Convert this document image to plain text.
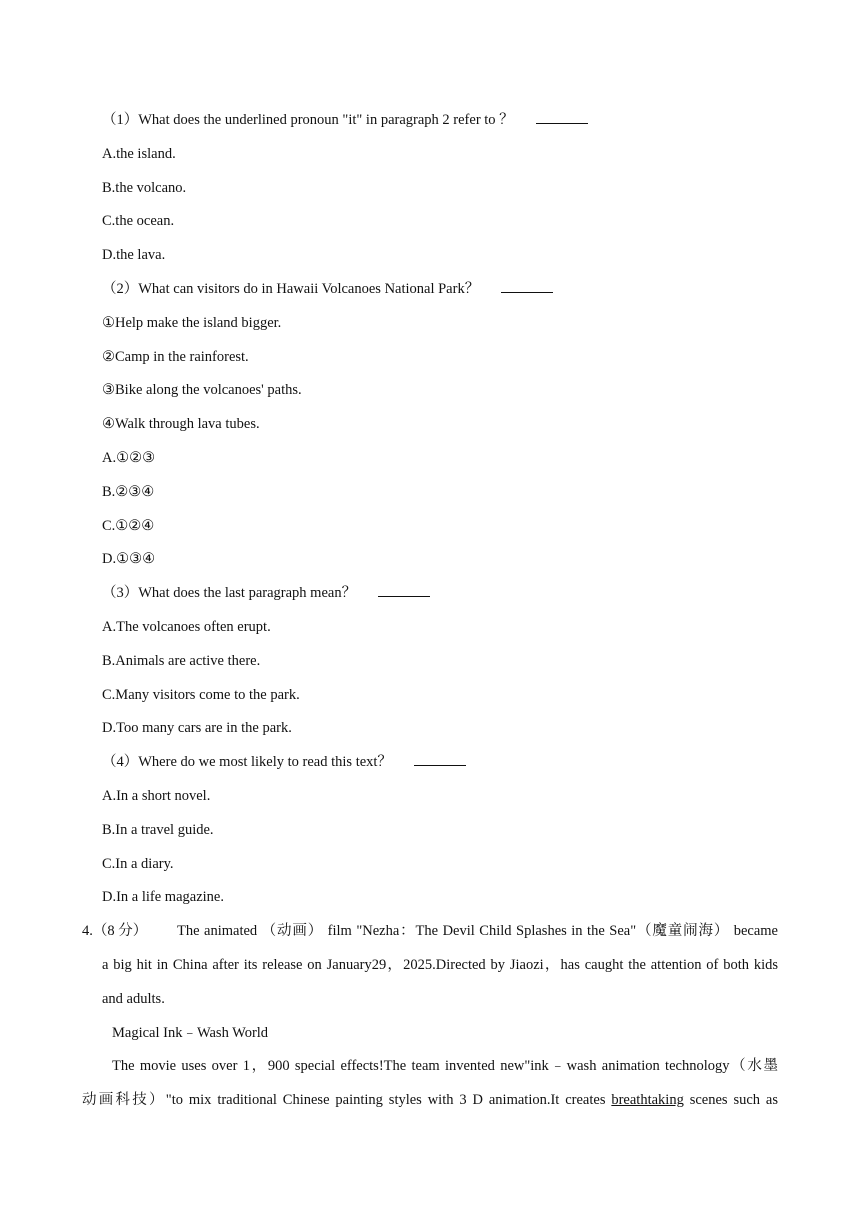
（1）What does the underlined pronoun "it" in paragraph 2 refer to ？
A.the island.
B.the volcano.
C.the ocean.
D.the lava.
（2）What can visitors do in Hawaii Volcanoes National Park？
①Help make the island bigger.
②Camp in the rainforest.
③Bike along the volcanoes' paths.
④Walk through lava tubes.
A.①②③
B.②③④
C.①②④
D.①③④
（3）What does the last paragraph mean？
A.The volcanoes often erupt.
B.Animals are active there.
C.Many visitors come to the park.
D.Too many cars are in the park.
（4）Where do we most likely to read this text？
A.In a short novel.
B.In a travel guide.
C.In a diary.
D.In a life magazine.
4.（8 分） The animated （动画） film "Nezha：The Devil Child Splashes in the Sea"（魔童闹海） became
a big hit in China after its release on January29，2025.Directed by Jiaozi，has caught the attention of both kids
and adults.
Magical Ink﹣Wash World
The movie uses over 1，900 special effects!The team invented new"ink﹣wash animation technology（水墨
动画科技）"to mix traditional Chinese painting styles with 3 D animation.It creates breathtaking scenes such as
